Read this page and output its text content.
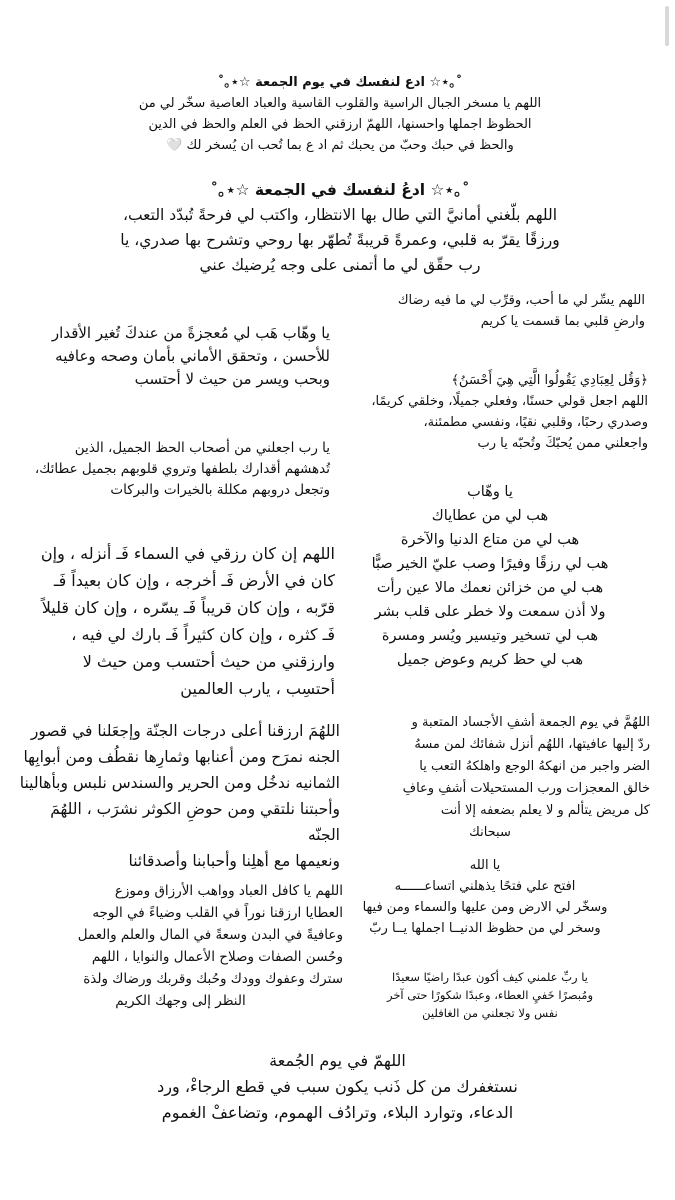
˚｡⋆☆ ادع لنفسك في يوم الجمعة ☆⋆｡˚

اللهم يا مسخر الجبال الراسية والقلوب القاسية والعباد العاصية سخّر لي من

الحظوظ اجملها واحسنها، اللهمّ ارزقني الحظ في العلم والحظ في الدين

والحظ في حبك وحبّ من يحبك ثم اد ع بما تُحب ان يُسخر لك 🤍

˚｡⋆☆ ادعُ لنفسك في الجمعة ☆⋆｡˚

اللهم بلّغني أمانيَّ التي طال بها الانتظار، واكتب لي فرحةً تُبدّد التعب،

ورزقًا يقرّ به قلبي، وعمرةً قريبةً تُطهّر بها روحي وتشرح بها صدري، يا

رب حقّق لي ما أتمنى على وجه يُرضيك عني

اللهم يسِّر لي ما أحب، وقرِّب لي ما فيه رضاك

وارضِ قلبي بما قسمت يا كريم

يا وهّاب هَب لي مُعجزةً من عندكَ تُغير الأقدار

للأحسن ، وتحقق الأماني بأمان وصحه وعافيه

وبحب ويسر من حيث لا أحتسب	﴿وَقُل لِعِبَادِي يَقُولُوا الَّتِي هِيَ أَحْسَنُ﴾

اللهم اجعل قولي حسنًا، وفعلي جميلًا، وخلقي كريمًا،

وصدري رحبًا، وقلبي نقيًا، ونفسي مطمئنة،

واجعلني ممن يُحبّكَ وتُحبّه يا رب

يا رب اجعلني من أصحاب الحظ الجميل، الذين

تُدهشهم أقدارك بلطفها وتروي قلوبهم بجميل عطائك،

وتجعل دروبهم مكللة بالخيرات والبركات	يا وهّاب

هب لي من عطاياك

هب لي من متاع الدنيا والآخرة

هب لي رزقًا وفيرًا وصب عليّ الخير صبًّا

هب لي من خزائن نعمك مالا عين رأت

ولا أذن سمعت ولا خطر على قلب بشر

هب لي تسخير وتيسير ويُسر ومسرة

هب لي حظ كريم وعوض جميل

اللهم إن كان رزقي في السماء فَـ أنزله ، وإن

كان في الأرض فَـ أخرجه ، وإن كان بعيداً فَـ

قرّبه ، وإن كان قريباً فَـ يسّره ، وإن كان قليلاً

فَـ كثره ، وإن كان كثيراً فَـ بارك لي فيه ،

وارزقني من حيث أحتسب ومن حيث لا

أحتسِب ، يارب العالمين

اللهُمَ ارزقنا أعلى درجات الجنّة وإجعَلنا في قصور

الجنه نمرَح ومن أعنابها وثمارِها نقطُف ومن أبوابِها

الثمانيه ندخُل ومن الحرير والسندس نلبس وبأهالينا

وأحبتنا نلتقي ومن حوضِ الكوثر نشرَب ، اللهُمَ الجنّه

ونعيمها مع أهلِنا وأحبابنا وأصدقائنا

اللهُمَّ في يوم الجمعة أشفِ الأجساد المتعبة و

ردّ إليها عافيتها، اللهُم أنزل شفائك لمن مسهُ

الضر واجبر من انهكهُ الوجع واهلكهُ التعب يا

خالق المعجزات ورب المستحيلات أشفِ وعافِ

كل مريض يتألم و لا يعلم بضعفه إلا أنت

سبحانك

يا الله

افتح علي فتحًا يذهلني اتساعــــــه

وسخّر لي الارض ومن عليها والسماء ومن فيها

وسخر لي من حظوظ الدنيــا اجملها يــا ربّ

اللهم يا كافل العباد وواهب الأرزاق وموزع

العطايا ارزقنا نوراً في القلب وضياءً في الوجه

وعافيةً في البدن وسعةً في المال والعلم والعمل

وحُسن الصفات وصلاح الأعمال والنوايا ، اللهم

سترك وعفوك وودك وحُبك وقربك ورضاك ولذة

النظر إلى وجهك الكريم

يا ربِّ علمني كيف أكون عبدًا راضيًا سعيدًا

ومُبصرًا خَفيِ العطاء، وعبدًا شكورًا حتى آخر

نفس ولا تجعلني من الغافلين

اللهمّ في يوم الجُمعة

نستغفرك من كل ذَنب يكون سبب في قطع الرجاءْ، ورد

الدعاء، وتوارد البلاء، وترادُف الهموم، وتضاعفْ الغموم
